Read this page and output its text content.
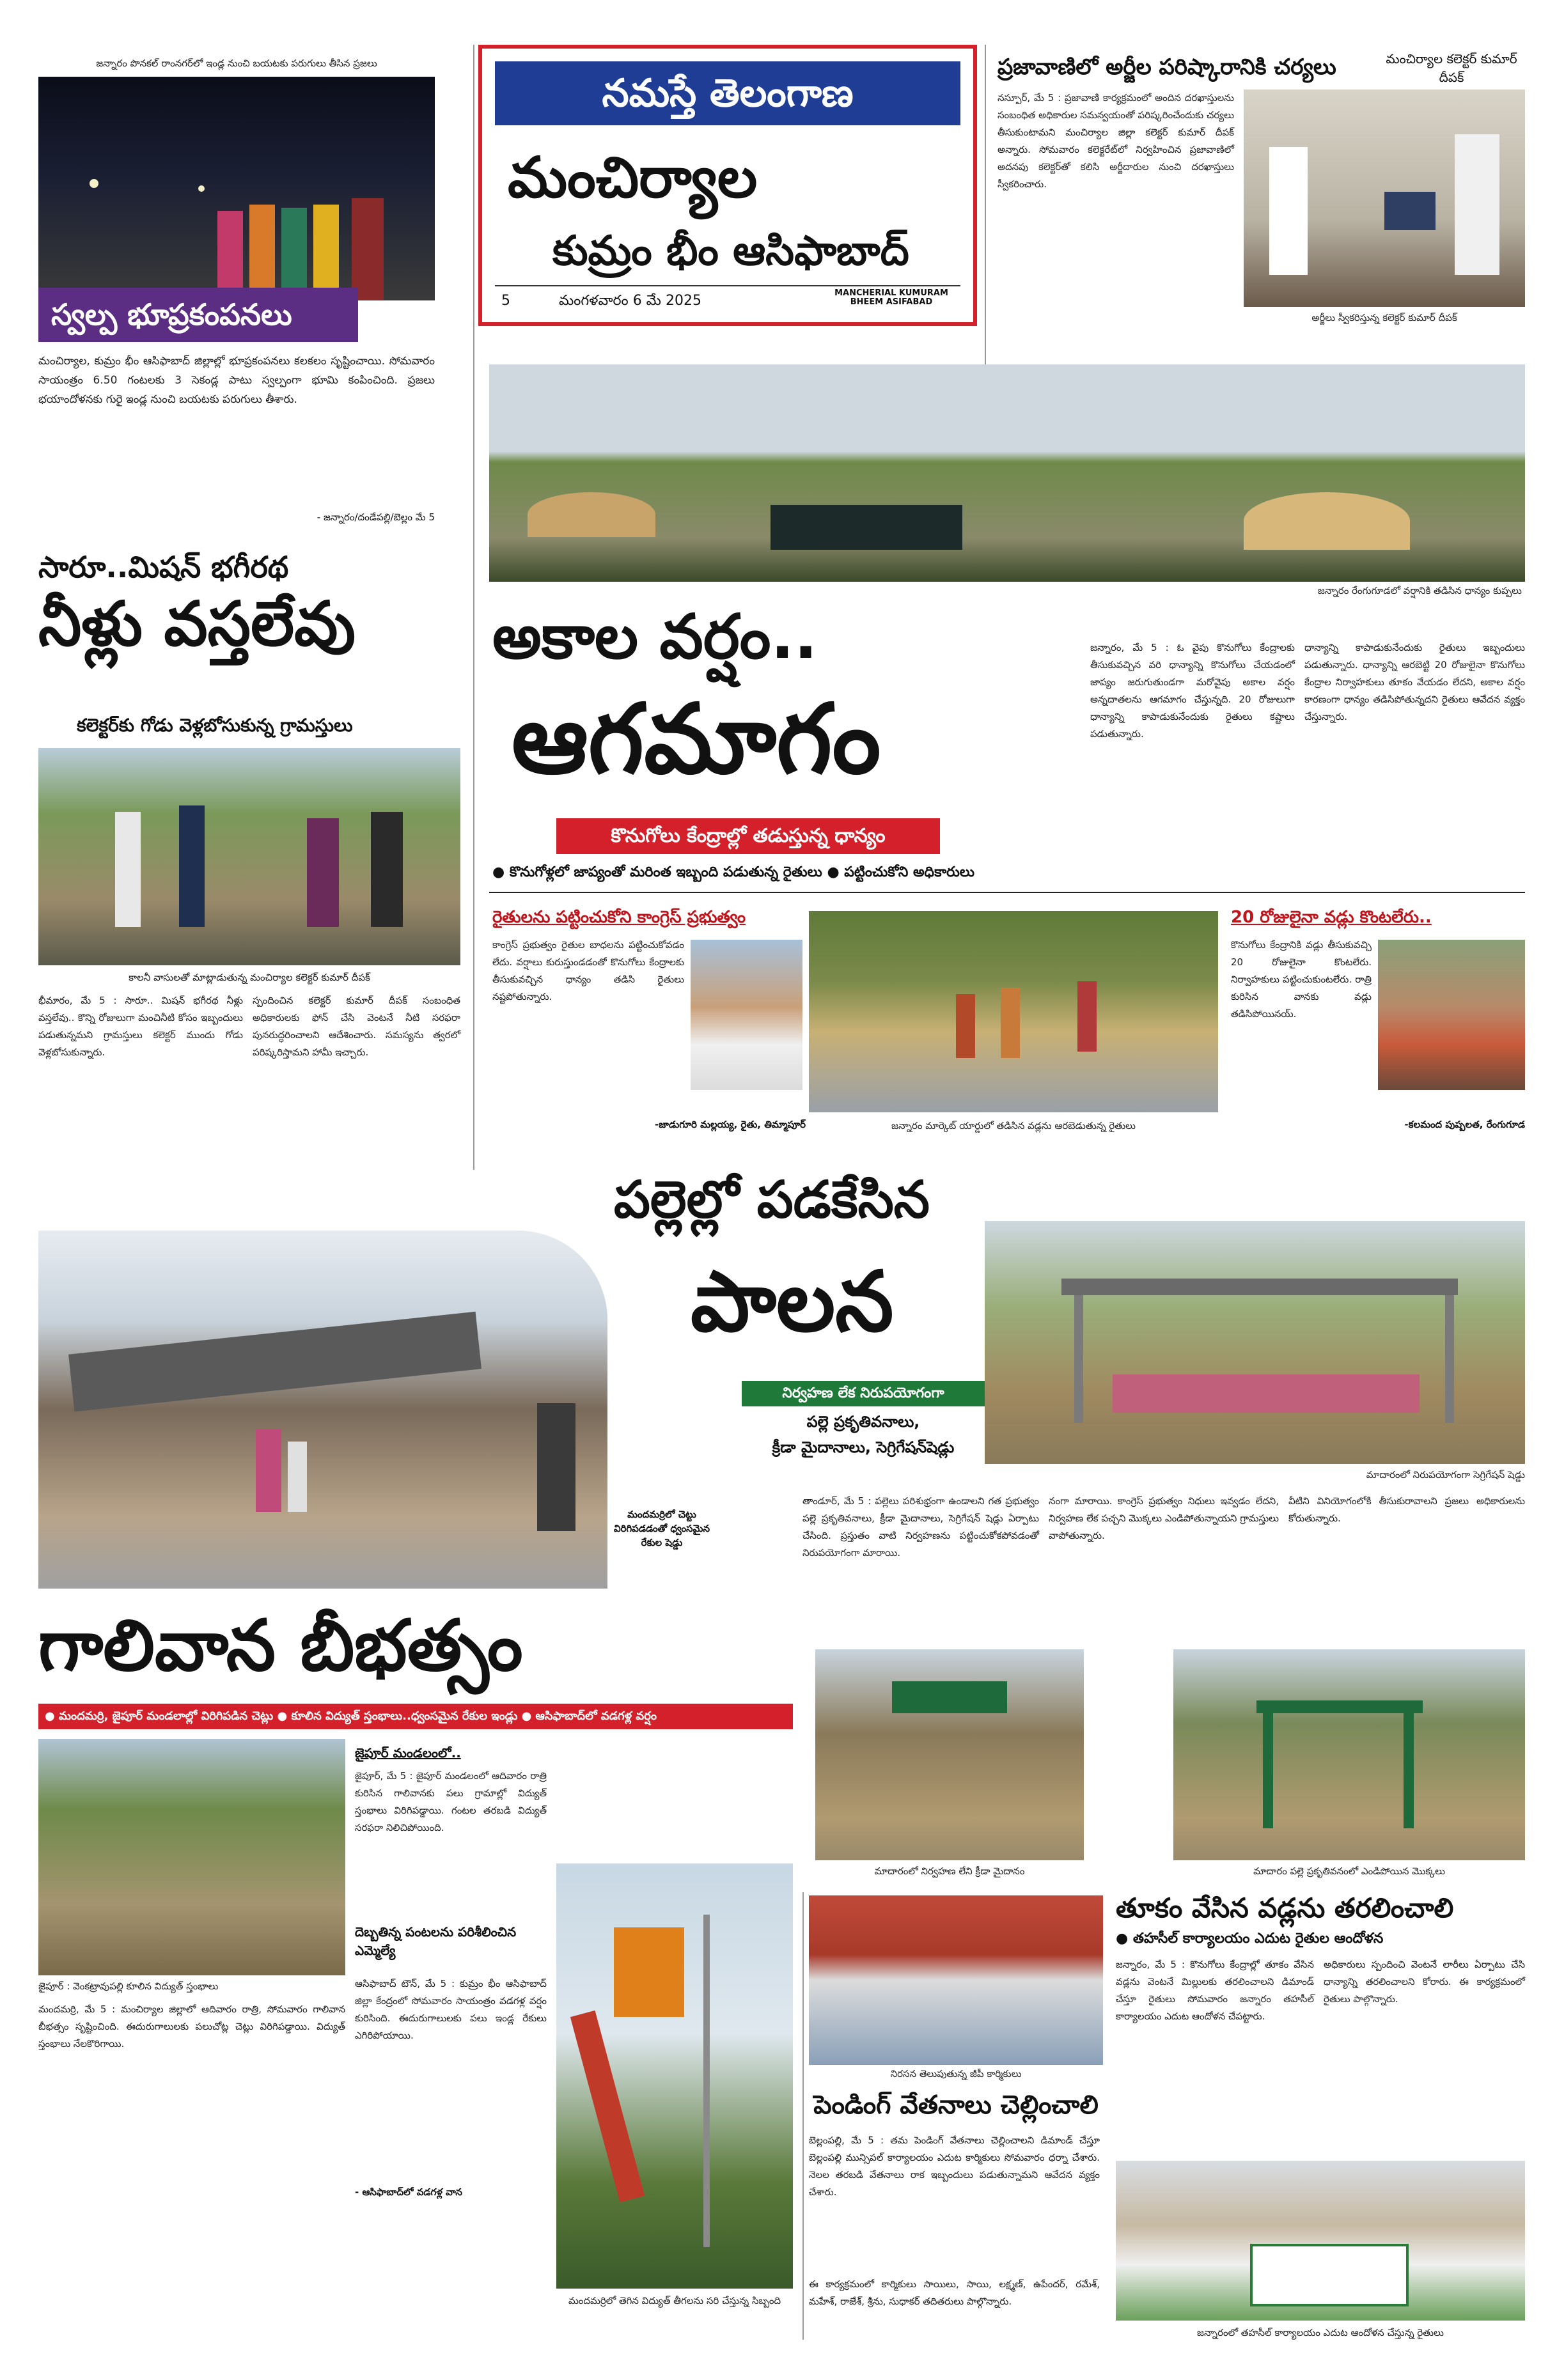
నమస్తే తెలంగాణ
మంచిర్యాల
కుమ్రం భీం ఆసిఫాబాద్
5	మంగళవారం 6 మే 2025	MANCHERIAL KUMURAM BHEEM ASIFABAD
జన్నారం పొనకల్ రాంనగర్‌లో ఇండ్ల నుంచి బయటకు పరుగులు తీసిన ప్రజలు
స్వల్ప భూప్రకంపనలు
మంచిర్యాల, కుమ్రం భీం ఆసిఫాబాద్ జిల్లాల్లో భూప్రకంపనలు కలకలం సృష్టించాయి. సోమవారం సాయంత్రం 6.50 గంటలకు 3 సెకండ్ల పాటు స్వల్పంగా భూమి కంపించింది. ప్రజలు భయాందోళనకు గురై ఇండ్ల నుంచి బయటకు పరుగులు తీశారు.
- జన్నారం/దండేపల్లి/బెల్లం మే 5
ప్రజావాణిలో అర్జీల పరిష్కారానికి చర్యలు	మంచిర్యాల కలెక్టర్ కుమార్ దీపక్
నస్పూర్, మే 5 : ప్రజావాణి కార్యక్రమంలో అందిన దరఖాస్తులను సంబంధిత అధికారుల సమన్వయంతో పరిష్కరించేందుకు చర్యలు తీసుకుంటామని మంచిర్యాల జిల్లా కలెక్టర్ కుమార్ దీపక్ అన్నారు. సోమవారం కలెక్టరేట్‌లో నిర్వహించిన ప్రజావాణిలో అదనపు కలెక్టర్‌తో కలిసి అర్జీదారుల నుంచి దరఖాస్తులు స్వీకరించారు.
అర్జీలు స్వీకరిస్తున్న కలెక్టర్ కుమార్ దీపక్
జన్నారం రేంగుగూడలో వర్షానికి తడిసిన ధాన్యం కుప్పలు
అకాల వర్షం..
ఆగమాగం
కొనుగోలు కేంద్రాల్లో తడుస్తున్న ధాన్యం
● కొనుగోళ్లలో జాప్యంతో మరింత ఇబ్బంది పడుతున్న రైతులు ● పట్టించుకోని అధికారులు
జన్నారం, మే 5 : ఓ వైపు కొనుగోలు కేంద్రాలకు తీసుకువచ్చిన వరి ధాన్యాన్ని కొనుగోలు చేయడంలో జాప్యం జరుగుతుండగా మరోవైపు అకాల వర్షం అన్నదాతలను ఆగమాగం చేస్తున్నది. 20 రోజులుగా ధాన్యాన్ని కాపాడుకునేందుకు రైతులు కష్టాలు పడుతున్నారు.
ధాన్యాన్ని కాపాడుకునేందుకు రైతులు ఇబ్బందులు పడుతున్నారు. ధాన్యాన్ని ఆరబెట్టి 20 రోజులైనా కొనుగోలు కేంద్రాల నిర్వాహకులు తూకం వేయడం లేదని, అకాల వర్షం కారణంగా ధాన్యం తడిసిపోతున్నదని రైతులు ఆవేదన వ్యక్తం చేస్తున్నారు.
రైతులను పట్టించుకోని కాంగ్రెస్ ప్రభుత్వం
కాంగ్రెస్ ప్రభుత్వం రైతుల బాధలను పట్టించుకోవడం లేదు. వర్షాలు కురుస్తుండడంతో కొనుగోలు కేంద్రాలకు తీసుకువచ్చిన ధాన్యం తడిసి రైతులు నష్టపోతున్నారు.
-జాడుగూరి మల్లయ్య, రైతు, తిమ్మాపూర్	జన్నారం మార్కెట్ యార్డులో తడిసిన వడ్లను ఆరబెడుతున్న రైతులు
20 రోజులైనా వడ్లు కొంటలేరు..
కొనుగోలు కేంద్రానికి వడ్లు తీసుకువచ్చి 20 రోజులైనా కొంటలేరు. నిర్వాహకులు పట్టించుకుంటలేరు. రాత్రి కురిసిన వానకు వడ్లు తడిసిపోయినయ్.
-కలమంద పుష్పలత, రేంగుగూడ
సారూ..మిషన్ భగీరథ
నీళ్లు వస్తలేవు
కలెక్టర్‌కు గోడు వెళ్లబోసుకున్న గ్రామస్తులు
కాలనీ వాసులతో మాట్లాడుతున్న మంచిర్యాల కలెక్టర్ కుమార్ దీపక్
భీమారం, మే 5 : సారూ.. మిషన్ భగీరథ నీళ్లు వస్తలేవు.. కొన్ని రోజులుగా మంచినీటి కోసం ఇబ్బందులు పడుతున్నమని గ్రామస్తులు కలెక్టర్ ముందు గోడు వెళ్లబోసుకున్నారు.
స్పందించిన కలెక్టర్ కుమార్ దీపక్ సంబంధిత అధికారులకు ఫోన్ చేసి వెంటనే నీటి సరఫరా పునరుద్ధరించాలని ఆదేశించారు. సమస్యను త్వరలో పరిష్కరిస్తామని హామీ ఇచ్చారు.
మందమర్రిలో చెట్టు విరిగిపడడంతో ధ్వంసమైన రేకుల షెడ్డు
గాలివాన బీభత్సం
● మందమర్రి, జైపూర్ మండలాల్లో విరిగిపడిన చెట్లు ● కూలిన విద్యుత్ స్తంభాలు..ధ్వంసమైన రేకుల ఇండ్లు ● ఆసిఫాబాద్‌లో వడగళ్ల వర్షం
జైపూర్ : వెంకట్రావుపల్లి కూలిన విద్యుత్ స్తంభాలు
మందమర్రి, మే 5 : మంచిర్యాల జిల్లాలో ఆదివారం రాత్రి, సోమవారం గాలివాన బీభత్సం సృష్టించింది. ఈదురుగాలులకు పలుచోట్ల చెట్లు విరిగిపడ్డాయి. విద్యుత్ స్తంభాలు నేలకొరిగాయి.
జైపూర్ మండలంలో..
జైపూర్, మే 5 : జైపూర్ మండలంలో ఆదివారం రాత్రి కురిసిన గాలివానకు పలు గ్రామాల్లో విద్యుత్ స్తంభాలు విరిగిపడ్డాయి. గంటల తరబడి విద్యుత్ సరఫరా నిలిచిపోయింది.
దెబ్బతిన్న పంటలను పరిశీలించిన ఎమ్మెల్యే
ఆసిఫాబాద్ టౌన్, మే 5 : కుమ్రం భీం ఆసిఫాబాద్ జిల్లా కేంద్రంలో సోమవారం సాయంత్రం వడగళ్ల వర్షం కురిసింది. ఈదురుగాలులకు పలు ఇండ్ల రేకులు ఎగిరిపోయాయి.
- ఆసిఫాబాద్‌లో వడగళ్ల వాన
మందమర్రిలో తెగిన విద్యుత్ తీగలను సరి చేస్తున్న సిబ్బంది
పల్లెల్లో పడకేసిన
పాలన
నిర్వహణ లేక నిరుపయోగంగా
పల్లె ప్రకృతివనాలు,
క్రీడా మైదానాలు, సెగ్రిగేషన్‌షెడ్లు
మాదారంలో నిరుపయోగంగా సెగ్రిగేషన్ షెడ్డు
తాండూర్, మే 5 : పల్లెలు పరిశుభ్రంగా ఉండాలని గత ప్రభుత్వం పల్లె ప్రకృతివనాలు, క్రీడా మైదానాలు, సెగ్రిగేషన్ షెడ్లు ఏర్పాటు చేసింది. ప్రస్తుతం వాటి నిర్వహణను పట్టించుకోకపోవడంతో నిరుపయోగంగా మారాయి.
నంగా మారాయి. కాంగ్రెస్ ప్రభుత్వం నిధులు ఇవ్వడం లేదని, నిర్వహణ లేక పచ్చని మొక్కలు ఎండిపోతున్నాయని గ్రామస్తులు వాపోతున్నారు.
వీటిని వినియోగంలోకి తీసుకురావాలని ప్రజలు అధికారులను కోరుతున్నారు.
మాదారంలో నిర్వహణ లేని క్రీడా మైదానం	మాదారం పల్లె ప్రకృతివనంలో ఎండిపోయిన మొక్కలు
నిరసన తెలుపుతున్న జీపీ కార్మికులు
పెండింగ్ వేతనాలు చెల్లించాలి
బెల్లంపల్లి, మే 5 : తమ పెండింగ్ వేతనాలు చెల్లించాలని డిమాండ్ చేస్తూ బెల్లంపల్లి మున్సిపల్ కార్యాలయం ఎదుట కార్మికులు సోమవారం ధర్నా చేశారు. నెలల తరబడి వేతనాలు రాక ఇబ్బందులు పడుతున్నామని ఆవేదన వ్యక్తం చేశారు.
ఈ కార్యక్రమంలో కార్మికులు సాయిలు, సాయి, లక్ష్మణ్, ఉపేందర్, రమేశ్, మహేశ్, రాజేశ్, శ్రీను, సుధాకర్ తదితరులు పాల్గొన్నారు.
తూకం వేసిన వడ్లను తరలించాలి
● తహసీల్ కార్యాలయం ఎదుట రైతుల ఆందోళన
జన్నారం, మే 5 : కొనుగోలు కేంద్రాల్లో తూకం వేసిన వడ్లను వెంటనే మిల్లులకు తరలించాలని డిమాండ్ చేస్తూ రైతులు సోమవారం జన్నారం తహసీల్ కార్యాలయం ఎదుట ఆందోళన చేపట్టారు.
అధికారులు స్పందించి వెంటనే లారీలు ఏర్పాటు చేసి ధాన్యాన్ని తరలించాలని కోరారు. ఈ కార్యక్రమంలో రైతులు పాల్గొన్నారు.
జన్నారంలో తహసీల్ కార్యాలయం ఎదుట ఆందోళన చేస్తున్న రైతులు
